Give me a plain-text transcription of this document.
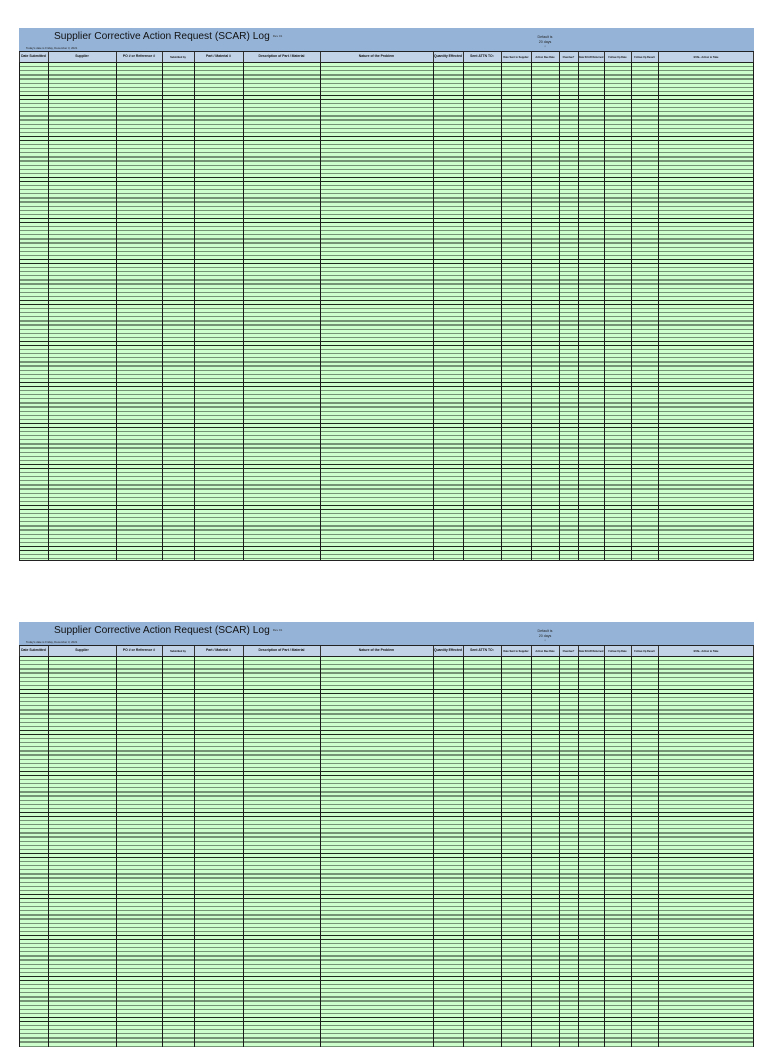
Supplier Corrective Action Request (SCAR) Log Rev 01
Today's date is Friday, December 3, 2021
Default is
20 days
↓
Date Submitted	Supplier	PO # or Reference #	Submitted by	Part / Material #	Description of Part / Material	Nature of the Problem	Quantity Effected	Sent ATTN TO:	Date Sent to Supplier	Action Due Date	Overdue?	Date SCAR Returned	Follow-Up Date	Follow-Up Result	EVAL. Action to Take
Supplier Corrective Action Request (SCAR) Log Rev 01
Today's date is Friday, December 3, 2021
Default is
20 days
↓
Date Submitted	Supplier	PO # or Reference #	Submitted by	Part / Material #	Description of Part / Material	Nature of the Problem	Quantity Effected	Sent ATTN TO:	Date Sent to Supplier	Action Due Date	Overdue?	Date SCAR Returned	Follow-Up Date	Follow-Up Result	EVAL. Action to Take
